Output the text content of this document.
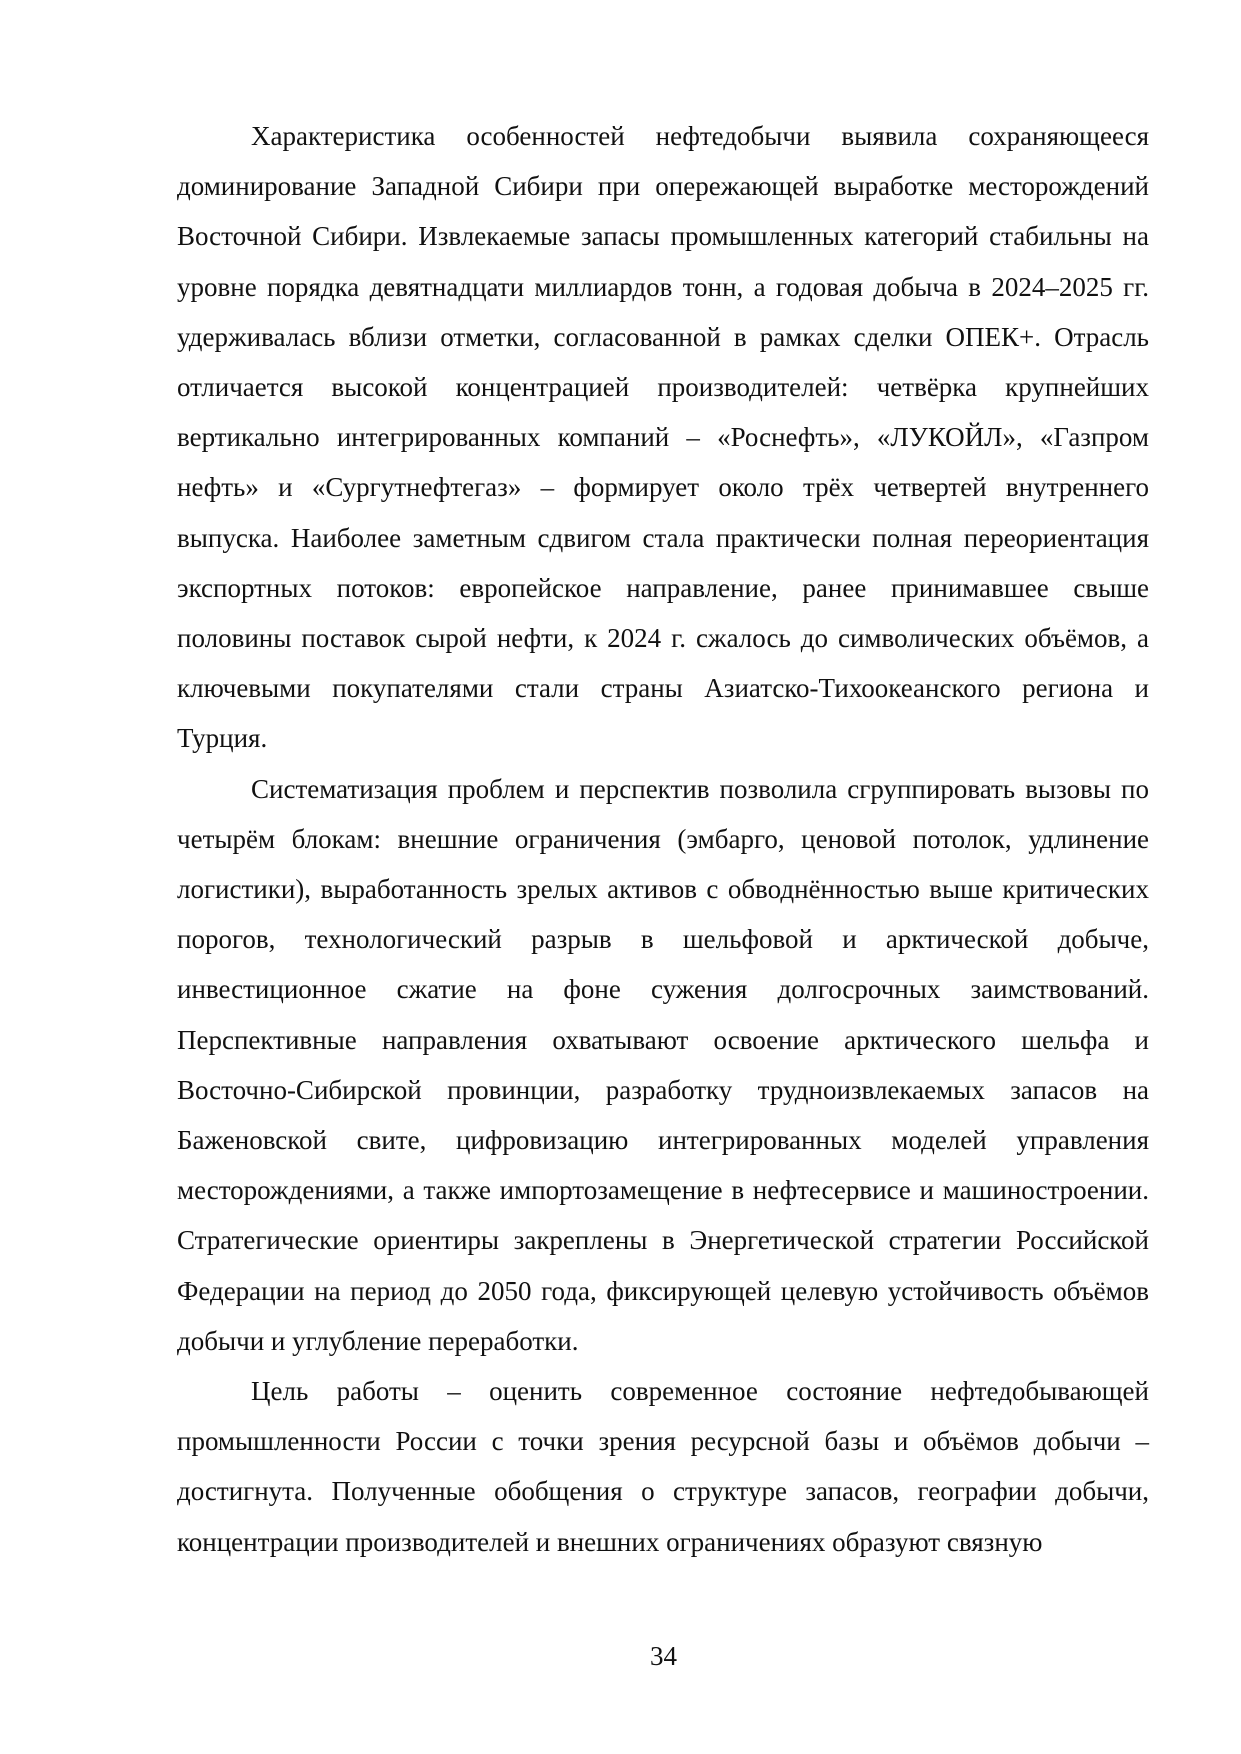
Характеристика особенностей нефтедобычи выявила сохраняющееся доминирование Западной Сибири при опережающей выработке месторождений Восточной Сибири. Извлекаемые запасы промышленных категорий стабильны на уровне порядка девятнадцати миллиардов тонн, а годовая добыча в 2024–2025 гг. удерживалась вблизи отметки, согласованной в рамках сделки ОПЕК+. Отрасль отличается высокой концентрацией производителей: четвёрка крупнейших вертикально интегрированных компаний – «Роснефть», «ЛУКОЙЛ», «Газпром нефть» и «Сургутнефтегаз» – формирует около трёх четвертей внутреннего выпуска. Наиболее заметным сдвигом стала практически полная переориентация экспортных потоков: европейское направление, ранее принимавшее свыше половины поставок сырой нефти, к 2024 г. сжалось до символических объёмов, а ключевыми покупателями стали страны Азиатско-Тихоокеанского региона и Турция.

Систематизация проблем и перспектив позволила сгруппировать вызовы по четырём блокам: внешние ограничения (эмбарго, ценовой потолок, удлинение логистики), выработанность зрелых активов с обводнённостью выше критических порогов, технологический разрыв в шельфовой и арктической добыче, инвестиционное сжатие на фоне сужения долгосрочных заимствований. Перспективные направления охватывают освоение арктического шельфа и Восточно-Сибирской провинции, разработку трудноизвлекаемых запасов на Баженовской свите, цифровизацию интегрированных моделей управления месторождениями, а также импортозамещение в нефтесервисе и машиностроении. Стратегические ориентиры закреплены в Энергетической стратегии Российской Федерации на период до 2050 года, фиксирующей целевую устойчивость объёмов добычи и углубление переработки.

Цель работы – оценить современное состояние нефтедобывающей промышленности России с точки зрения ресурсной базы и объёмов добычи – достигнута. Полученные обобщения о структуре запасов, географии добычи, концентрации производителей и внешних ограничениях образуют связную

34
